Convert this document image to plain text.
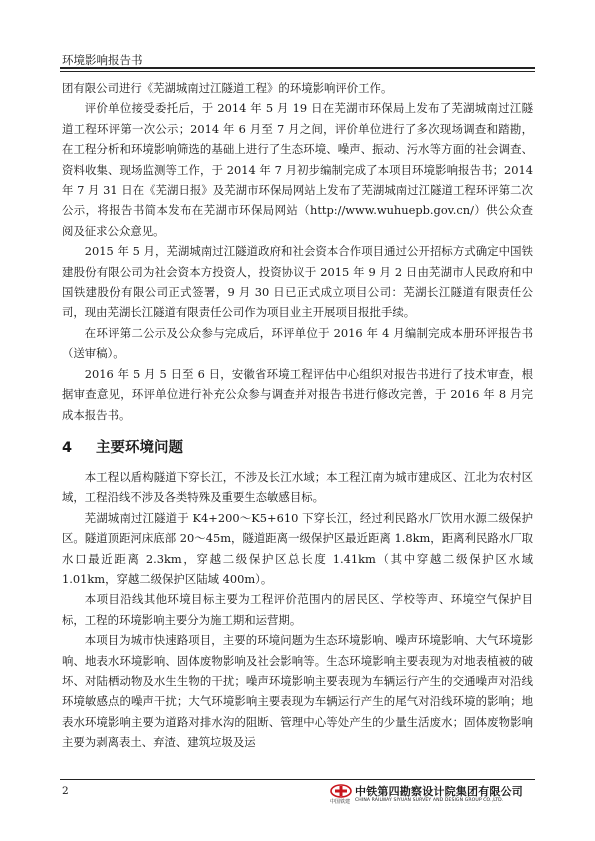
环境影响报告书

团有限公司进行《芜湖城南过江隧道工程》的环境影响评价工作。

评价单位接受委托后，于 2014 年 5 月 19 日在芜湖市环保局上发布了芜湖城南过江隧道工程环评第一次公示；2014 年 6 月至 7 月之间，评价单位进行了多次现场调查和踏勘，在工程分析和环境影响筛选的基础上进行了生态环境、噪声、振动、污水等方面的社会调查、资料收集、现场监测等工作，于 2014 年 7 月初步编制完成了本项目环境影响报告书；2014 年 7 月 31 日在《芜湖日报》及芜湖市环保局网站上发布了芜湖城南过江隧道工程环评第二次公示，将报告书简本发布在芜湖市环保局网站（http://www.wuhuepb.gov.cn/）供公众查阅及征求公众意见。

2015 年 5 月，芜湖城南过江隧道政府和社会资本合作项目通过公开招标方式确定中国铁建股份有限公司为社会资本方投资人，投资协议于 2015 年 9 月 2 日由芜湖市人民政府和中国铁建股份有限公司正式签署，9 月 30 日已正式成立项目公司：芜湖长江隧道有限责任公司，现由芜湖长江隧道有限责任公司作为项目业主开展项目报批手续。

在环评第二公示及公众参与完成后，环评单位于 2016 年 4 月编制完成本册环评报告书（送审稿）。

2016 年 5 月 5 日至 6 日，安徽省环境工程评估中心组织对报告书进行了技术审查，根据审查意见，环评单位进行补充公众参与调查并对报告书进行修改完善，于 2016 年 8 月完成本报告书。

4	主要环境问题

本工程以盾构隧道下穿长江，不涉及长江水域；本工程江南为城市建成区、江北为农村区域，工程沿线不涉及各类特殊及重要生态敏感目标。

芜湖城南过江隧道于 K4+200～K5+610 下穿长江，经过利民路水厂饮用水源二级保护区。隧道顶距河床底部 20～45m，隧道距离一级保护区最近距离 1.8km，距离利民路水厂取水口最近距离 2.3km，穿越二级保护区总长度 1.41km（其中穿越二级保护区水域 1.01km，穿越二级保护区陆域 400m）。

本项目沿线其他环境目标主要为工程评价范围内的居民区、学校等声、环境空气保护目标，工程的环境影响主要分为施工期和运营期。

本项目为城市快速路项目，主要的环境问题为生态环境影响、噪声环境影响、大气环境影响、地表水环境影响、固体废物影响及社会影响等。生态环境影响主要表现为对地表植被的破坏、对陆栖动物及水生生物的干扰；噪声环境影响主要表现为车辆运行产生的交通噪声对沿线环境敏感点的噪声干扰；大气环境影响主要表现为车辆运行产生的尾气对沿线环境的影响；地表水环境影响主要为道路对排水沟的阻断、管理中心等处产生的少量生活废水；固体废物影响主要为剥离表土、弃渣、建筑垃圾及运

2
中国铁建
中铁第四勘察设计院集团有限公司
CHINA RAILWAY SIYUAN SURVEY AND DESIGN GROUP CO.,LTD.
